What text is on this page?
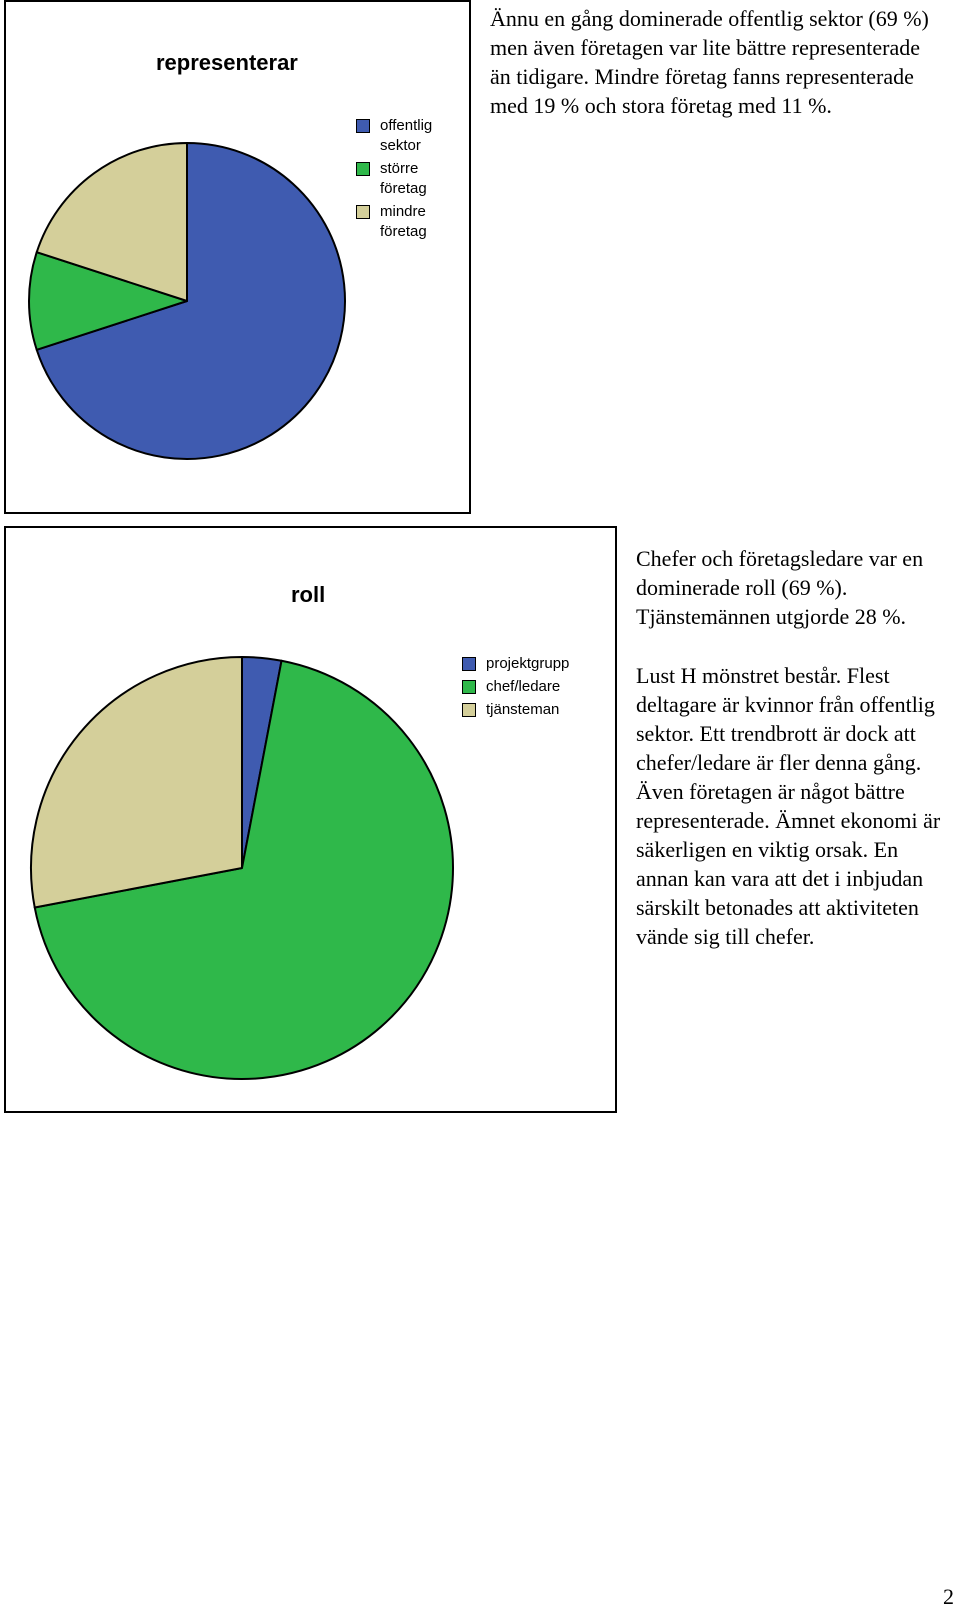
representerar
offentlig sektor
större företag
mindre företag
Ännu en gång dominerade offentlig sektor (69 %) men även företagen var lite bättre representerade än tidigare. Mindre företag fanns representerade med 19 % och stora företag med 11 %.
roll
projektgrupp
chef/ledare
tjänsteman
Chefer och företagsledare var en dominerade roll (69 %). Tjänstemännen utgjorde 28 %.
Lust H mönstret består. Flest deltagare är kvinnor från offentlig sektor. Ett trendbrott är dock att chefer/ledare är fler denna gång. Även företagen är något bättre representerade. Ämnet ekonomi är säkerligen en viktig orsak. En annan kan vara att det i inbjudan särskilt betonades att aktiviteten vände sig till chefer.
2
